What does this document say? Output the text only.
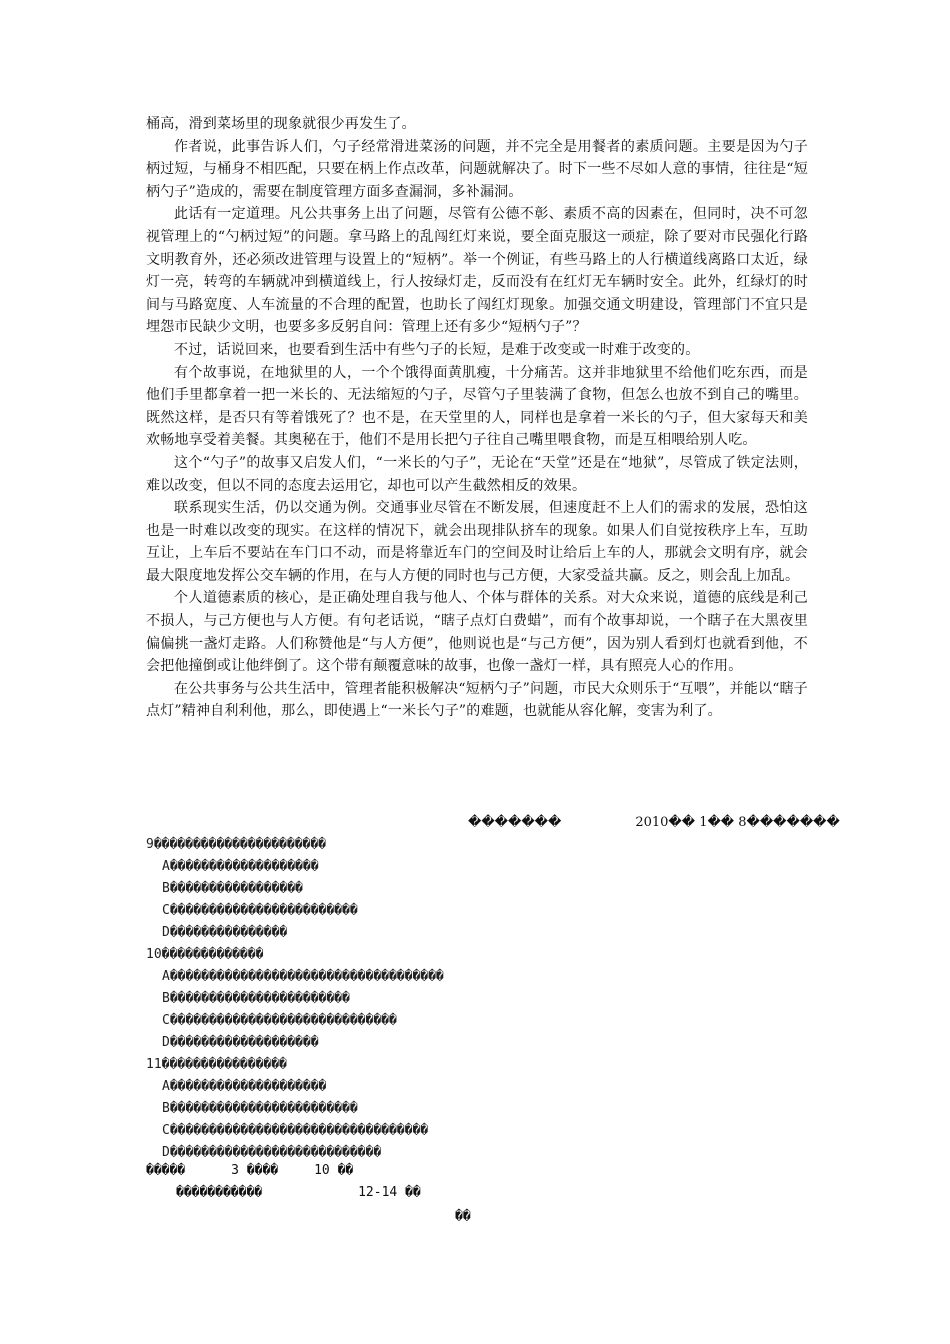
桶高，滑到菜场里的现象就很少再发生了。

作者说，此事告诉人们，勺子经常滑进菜汤的问题，并不完全是用餐者的素质问题。主要是因为勺子柄过短，与桶身不相匹配，只要在柄上作点改革，问题就解决了。时下一些不尽如人意的事情，往往是“短柄勺子”造成的，需要在制度管理方面多查漏洞，多补漏洞。

此话有一定道理。凡公共事务上出了问题，尽管有公德不彰、素质不高的因素在，但同时，决不可忽视管理上的“勺柄过短”的问题。拿马路上的乱闯红灯来说，要全面克服这一顽症，除了要对市民强化行路文明教育外，还必须改进管理与设置上的“短柄”。举一个例证，有些马路上的人行横道线离路口太近，绿灯一亮，转弯的车辆就冲到横道线上，行人按绿灯走，反而没有在红灯无车辆时安全。此外，红绿灯的时间与马路宽度、人车流量的不合理的配置，也助长了闯红灯现象。加强交通文明建设，管理部门不宜只是埋怨市民缺少文明，也要多多反躬自问：管理上还有多少“短柄勺子”？

不过，话说回来，也要看到生活中有些勺子的长短，是难于改变或一时难于改变的。

有个故事说，在地狱里的人，一个个饿得面黄肌瘦，十分痛苦。这并非地狱里不给他们吃东西，而是他们手里都拿着一把一米长的、无法缩短的勺子，尽管勺子里装满了食物，但怎么也放不到自己的嘴里。既然这样，是否只有等着饿死了？也不是，在天堂里的人，同样也是拿着一米长的勺子，但大家每天和美欢畅地享受着美餐。其奥秘在于，他们不是用长把勺子往自己嘴里喂食物，而是互相喂给别人吃。

这个“勺子”的故事又启发人们，“一米长的勺子”，无论在“天堂”还是在“地狱”，尽管成了铁定法则，难以改变，但以不同的态度去运用它，却也可以产生截然相反的效果。

联系现实生活，仍以交通为例。交通事业尽管在不断发展，但速度赶不上人们的需求的发展，恐怕这也是一时难以改变的现实。在这样的情况下，就会出现排队挤车的现象。如果人们自觉按秩序上车，互助互让，上车后不要站在车门口不动，而是将靠近车门的空间及时让给后上车的人，那就会文明有序，就会最大限度地发挥公交车辆的作用，在与人方便的同时也与己方便，大家受益共赢。反之，则会乱上加乱。

个人道德素质的核心，是正确处理自我与他人、个体与群体的关系。对大众来说，道德的底线是利己不损人，与己方便也与人方便。有句老话说，“瞎子点灯白费蜡”，而有个故事却说，一个瞎子在大黑夜里偏偏挑一盏灯走路。人们称赞他是“与人方便”，他则说也是“与己方便”，因为别人看到灯也就看到他，不会把他撞倒或让他绊倒了。这个带有颠覆意味的故事，也像一盏灯一样，具有照亮人心的作用。

在公共事务与公共生活中，管理者能积极解决“短柄勺子”问题，市民大众则乐于“互喂”，并能以“瞎子点灯”精神自利利他，那么，即使遇上“一米长勺子”的难题，也就能从容化解，变害为利了。

�������	2010�� 1�� 8�������

9����������������������

A�������������������

B�����������������

C������������������������

D���������������

10�������������

A�����������������������������������

B�����������������������

C�����������������������������

D�������������������

11����������������

A��������������������

B������������������������

C���������������������������������

D���������������������������

�����	3 ����	10 ��
�����������	12-14 ��
��
